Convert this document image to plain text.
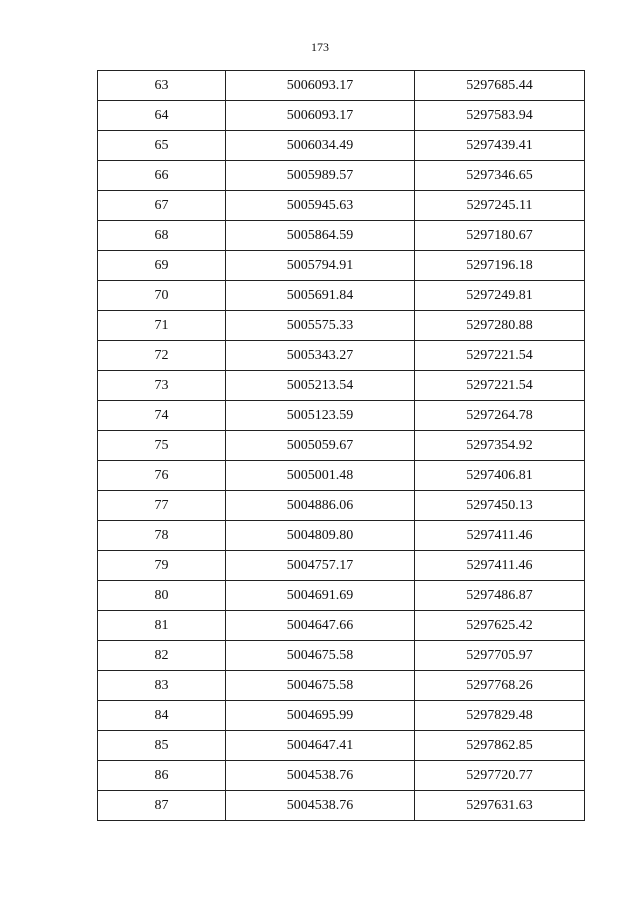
173
63	5006093.17	5297685.44
64	5006093.17	5297583.94
65	5006034.49	5297439.41
66	5005989.57	5297346.65
67	5005945.63	5297245.11
68	5005864.59	5297180.67
69	5005794.91	5297196.18
70	5005691.84	5297249.81
71	5005575.33	5297280.88
72	5005343.27	5297221.54
73	5005213.54	5297221.54
74	5005123.59	5297264.78
75	5005059.67	5297354.92
76	5005001.48	5297406.81
77	5004886.06	5297450.13
78	5004809.80	5297411.46
79	5004757.17	5297411.46
80	5004691.69	5297486.87
81	5004647.66	5297625.42
82	5004675.58	5297705.97
83	5004675.58	5297768.26
84	5004695.99	5297829.48
85	5004647.41	5297862.85
86	5004538.76	5297720.77
87	5004538.76	5297631.63
